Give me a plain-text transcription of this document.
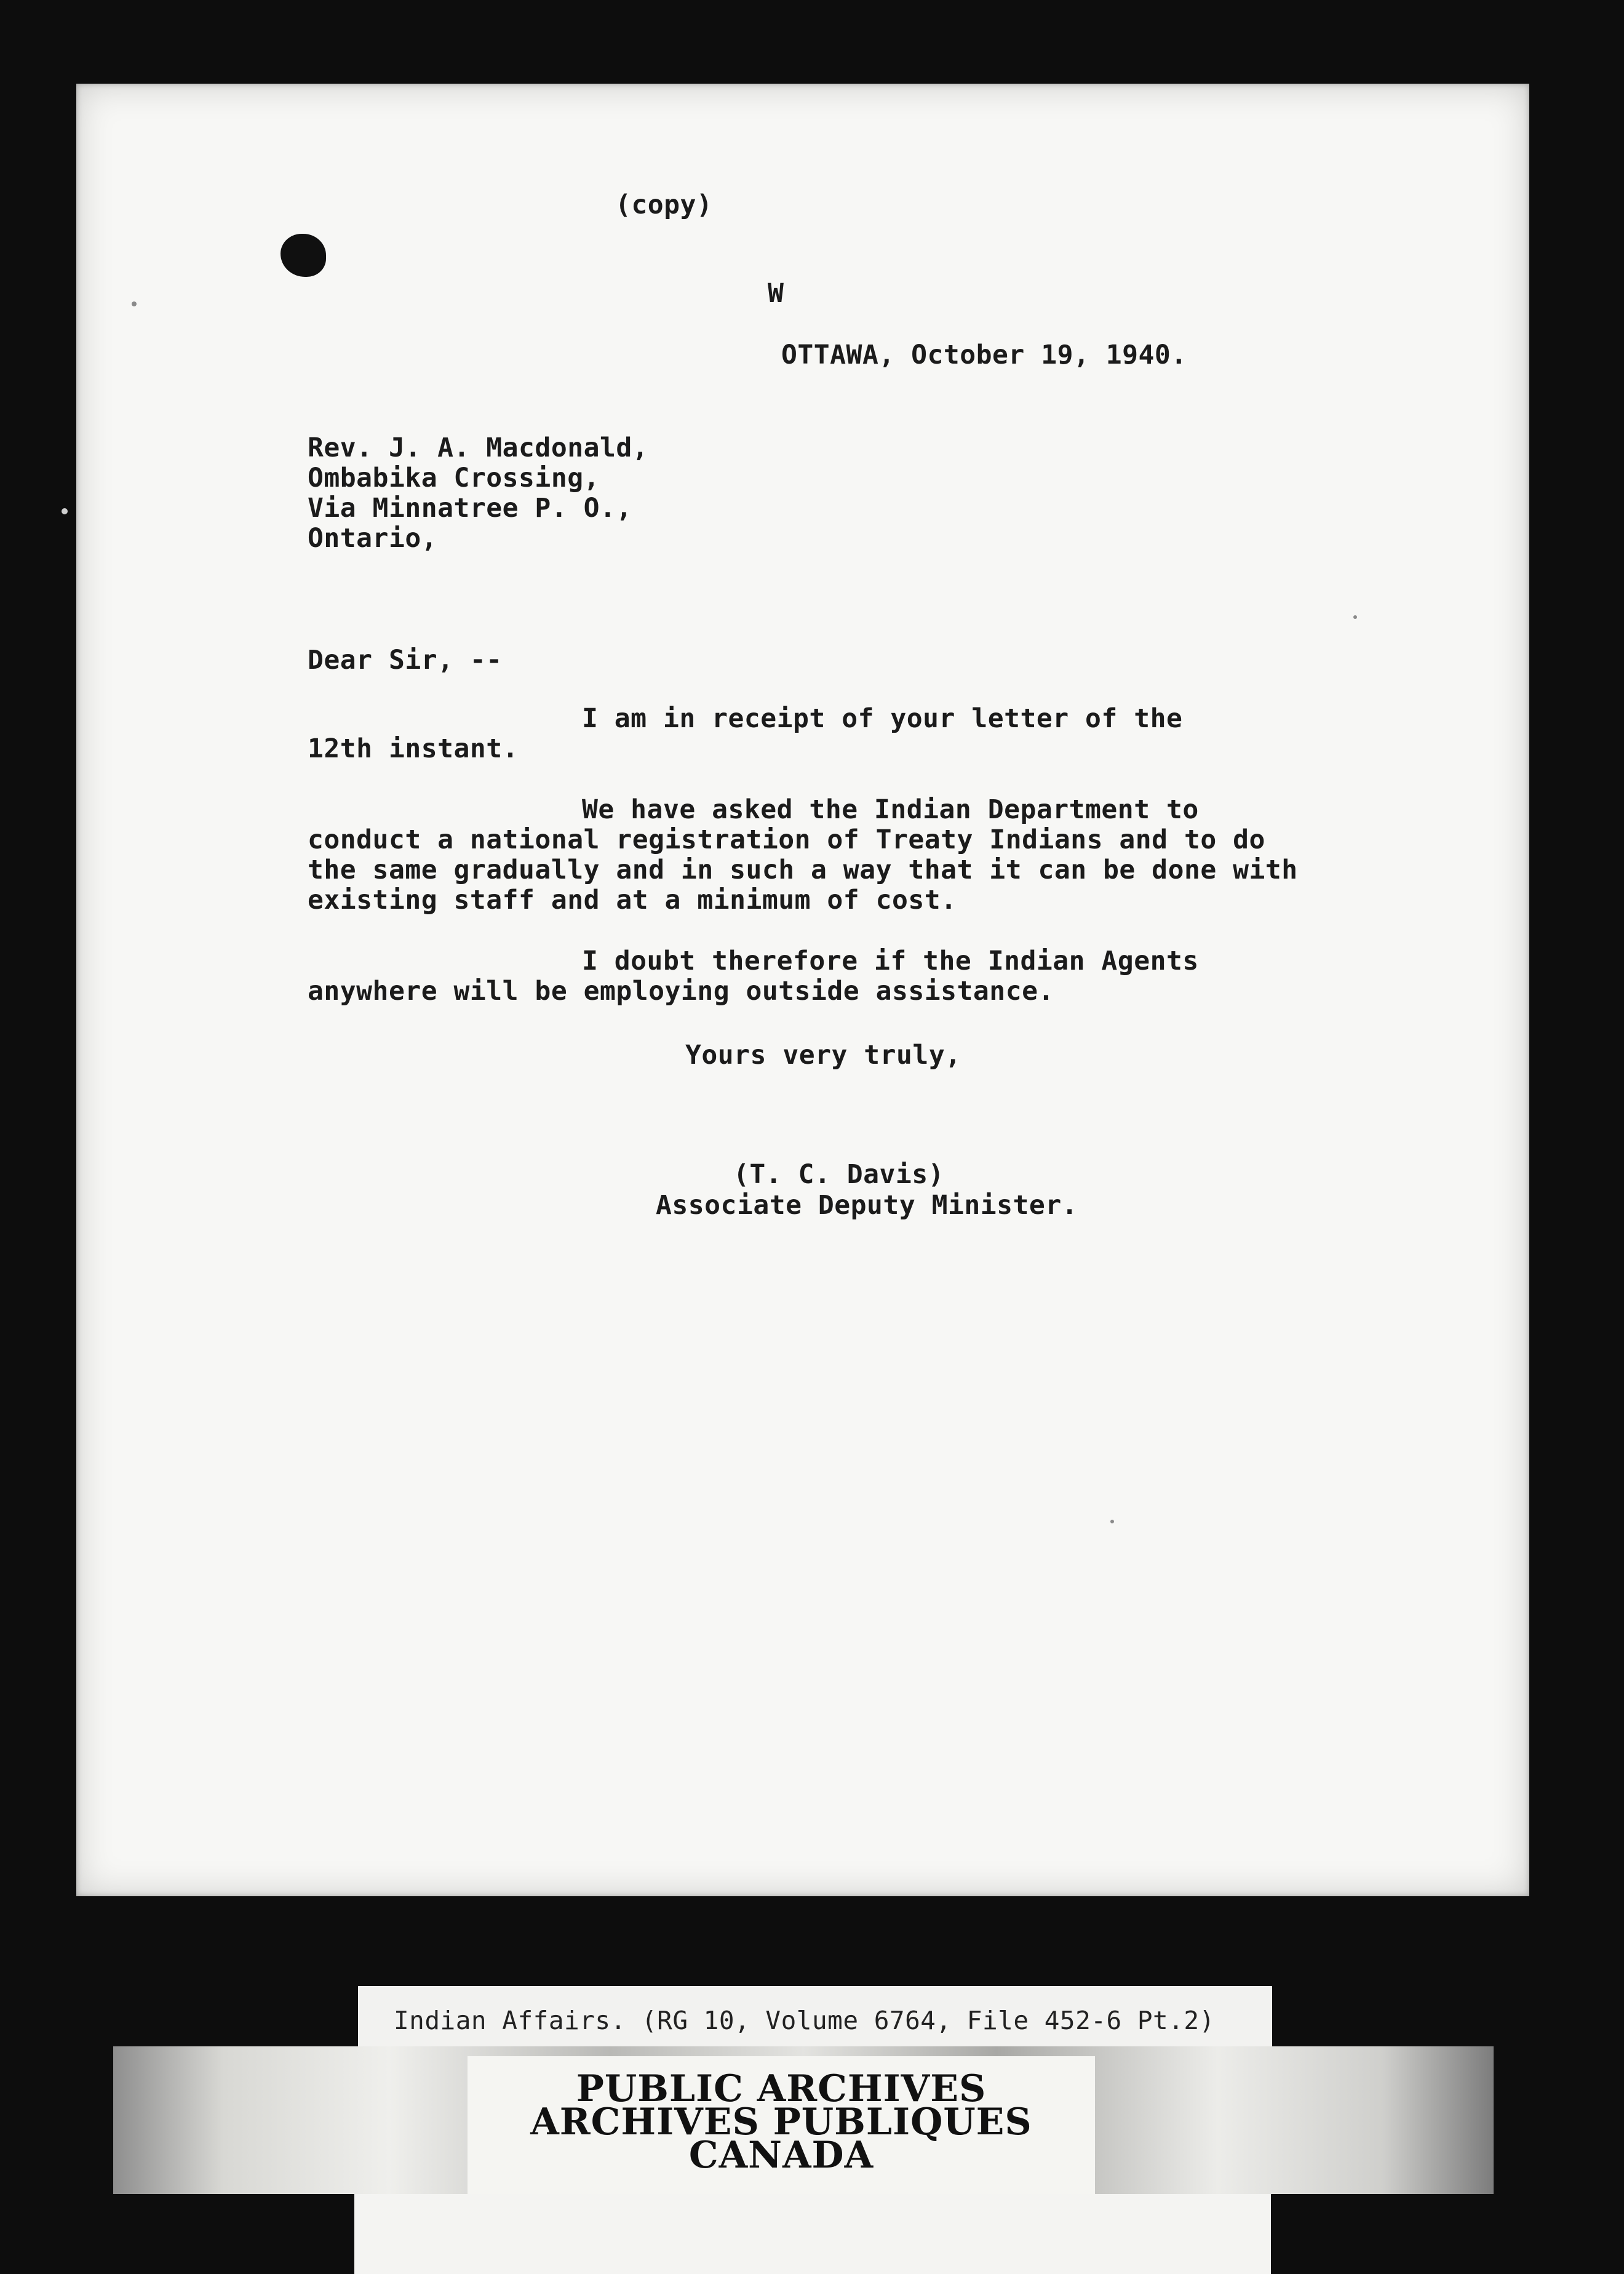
(copy)
W
OTTAWA, October 19, 1940.
Rev. J. A. Macdonald,
Ombabika Crossing,
Via Minnatree P. O.,
Ontario,
Dear Sir, --
I am in receipt of your letter of the
12th instant.
We have asked the Indian Department to
conduct a national registration of Treaty Indians and to do
the same gradually and in such a way that it can be done with
existing staff and at a minimum of cost.
I doubt therefore if the Indian Agents
anywhere will be employing outside assistance.
Yours very truly,
(T. C. Davis)
Associate Deputy Minister.
Indian Affairs. (RG 10, Volume 6764, File 452-6 Pt.2)
PUBLIC ARCHIVES
ARCHIVES PUBLIQUES
CANADA
